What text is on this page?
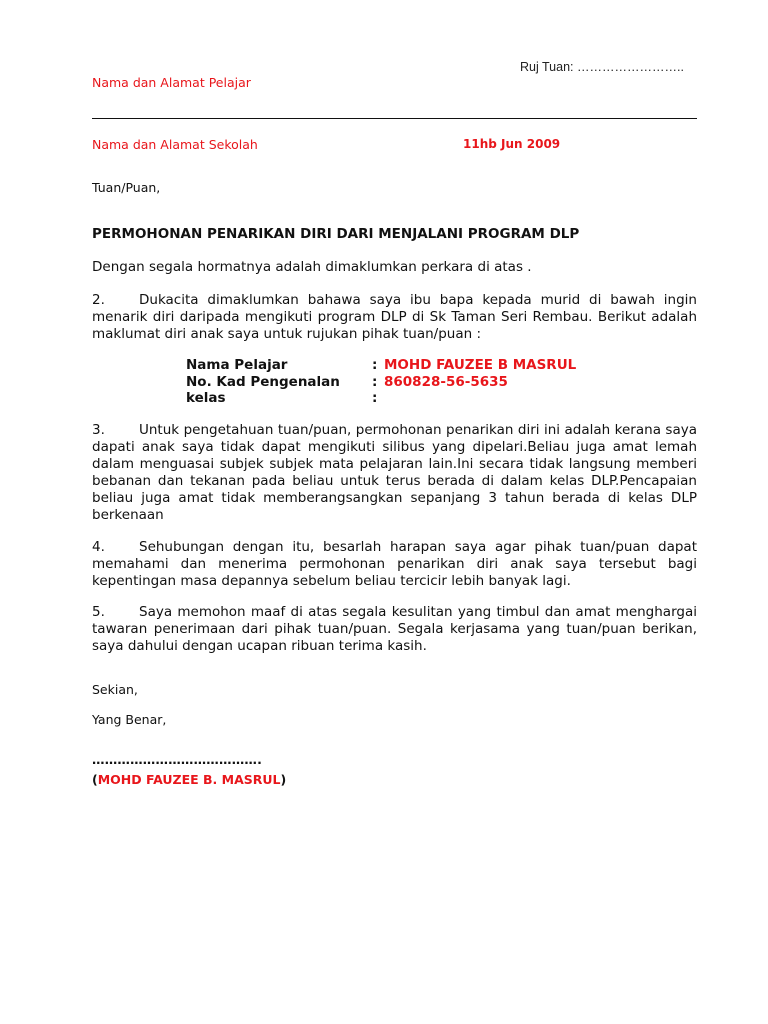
Ruj Tuan: ……………………..
Nama dan Alamat Pelajar
Nama dan Alamat Sekolah	11hb Jun 2009
Tuan/Puan,
PERMOHONAN PENARIKAN DIRI DARI MENJALANI PROGRAM DLP
Dengan segala hormatnya adalah dimaklumkan perkara di atas .
2.	Dukacita dimaklumkan bahawa saya ibu bapa kepada murid di bawah ingin menarik diri daripada mengikuti program DLP di Sk Taman Seri Rembau. Berikut adalah maklumat diri anak saya untuk rujukan pihak tuan/puan :
Nama Pelajar	: MOHD FAUZEE B MASRUL
No. Kad Pengenalan : 860828-56-5635
kelas	:
3.	Untuk pengetahuan tuan/puan, permohonan penarikan diri ini adalah kerana saya dapati anak saya tidak dapat mengikuti silibus yang dipelari.Beliau juga amat lemah dalam menguasai subjek subjek mata pelajaran lain.Ini secara tidak langsung memberi bebanan dan tekanan pada beliau untuk terus berada di dalam kelas DLP.Pencapaian beliau juga amat tidak memberangsangkan sepanjang 3 tahun berada di kelas DLP berkenaan
4.	Sehubungan dengan itu, besarlah harapan saya agar pihak tuan/puan dapat memahami dan menerima permohonan penarikan diri anak saya tersebut bagi kepentingan masa depannya sebelum beliau tercicir lebih banyak lagi.
5.	Saya memohon maaf di atas segala kesulitan yang timbul dan amat menghargai tawaran penerimaan dari pihak tuan/puan. Segala kerjasama yang tuan/puan berikan, saya dahului dengan ucapan ribuan terima kasih.
Sekian,
Yang Benar,
………………………………….
(MOHD FAUZEE B. MASRUL)
